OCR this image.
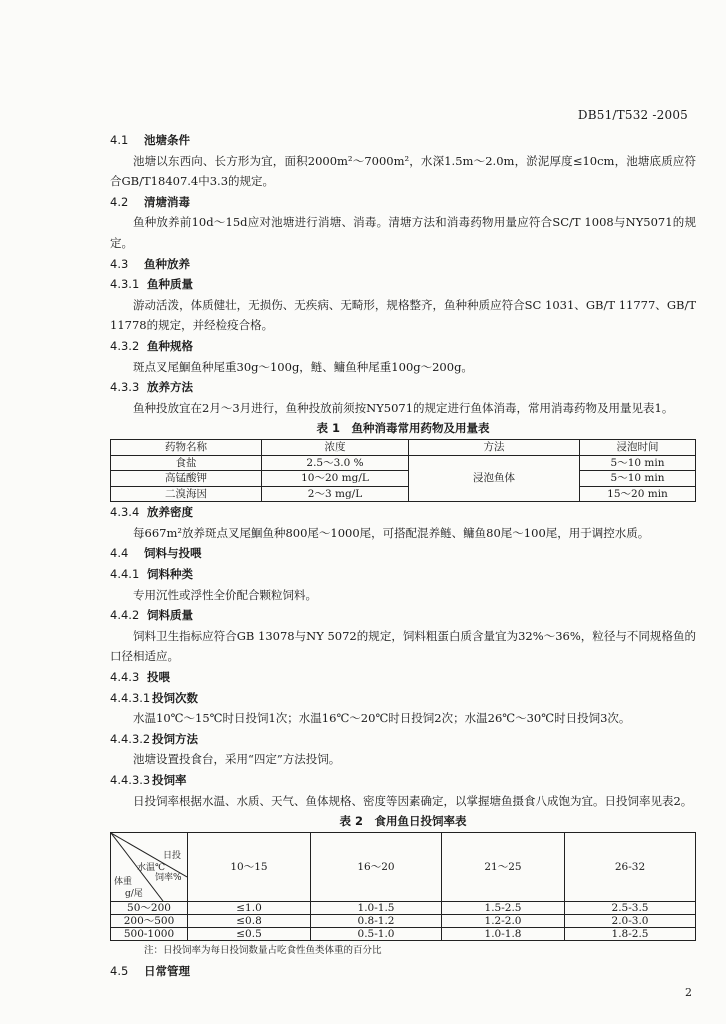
DB51/T532 -2005
4.1 池塘条件
池塘以东西向、长方形为宜，面积2000m²～7000m²，水深1.5m～2.0m，淤泥厚度≤10cm，池塘底质应符合GB/T18407.4中3.3的规定。
4.2 清塘消毒
鱼种放养前10d～15d应对池塘进行消塘、消毒。清塘方法和消毒药物用量应符合SC/T 1008与NY5071的规定。
4.3 鱼种放养
4.3.1 鱼种质量
游动活泼，体质健壮，无损伤、无疾病、无畸形，规格整齐，鱼种种质应符合SC 1031、GB/T 11777、GB/T 11778的规定，并经检疫合格。
4.3.2 鱼种规格
斑点叉尾鮰鱼种尾重30g～100g，鲢、鳙鱼种尾重100g～200g。
4.3.3 放养方法
鱼种投放宜在2月～3月进行，鱼种投放前须按NY5071的规定进行鱼体消毒，常用消毒药物及用量见表1。
表 1　鱼种消毒常用药物及用量表
药物名称	浓度	方法	浸泡时间
食盐	2.5～3.0 %	浸泡鱼体	5～10 min
高锰酸钾	10～20 mg/L		5～10 min
二溴海因	2～3 mg/L		15～20 min
4.3.4 放养密度
每667m²放养斑点叉尾鮰鱼种800尾～1000尾，可搭配混养鲢、鳙鱼80尾～100尾，用于调控水质。
4.4 饲料与投喂
4.4.1 饲料种类
专用沉性或浮性全价配合颗粒饲料。
4.4.2 饲料质量
饲料卫生指标应符合GB 13078与NY 5072的规定，饲料粗蛋白质含量宜为32%～36%，粒径与不同规格鱼的口径相适应。
4.4.3 投喂
4.4.3.1 投饲次数
水温10℃～15℃时日投饲1次；水温16℃～20℃时日投饲2次；水温26℃～30℃时日投饲3次。
4.4.3.2 投饲方法
池塘设置投食台，采用“四定”方法投饲。
4.4.3.3 投饲率
日投饲率根据水温、水质、天气、鱼体规格、密度等因素确定，以掌握塘鱼摄食八成饱为宜。日投饲率见表2。
表 2　食用鱼日投饲率表
日投
水温℃
饲率%
体重
g/尾	10～15	16～20	21～25	26-32
50～200	≤1.0	1.0-1.5	1.5-2.5	2.5-3.5
200～500	≤0.8	0.8-1.2	1.2-2.0	2.0-3.0
500-1000	≤0.5	0.5-1.0	1.0-1.8	1.8-2.5
注：日投饲率为每日投饲数量占吃食性鱼类体重的百分比
4.5 日常管理
2
